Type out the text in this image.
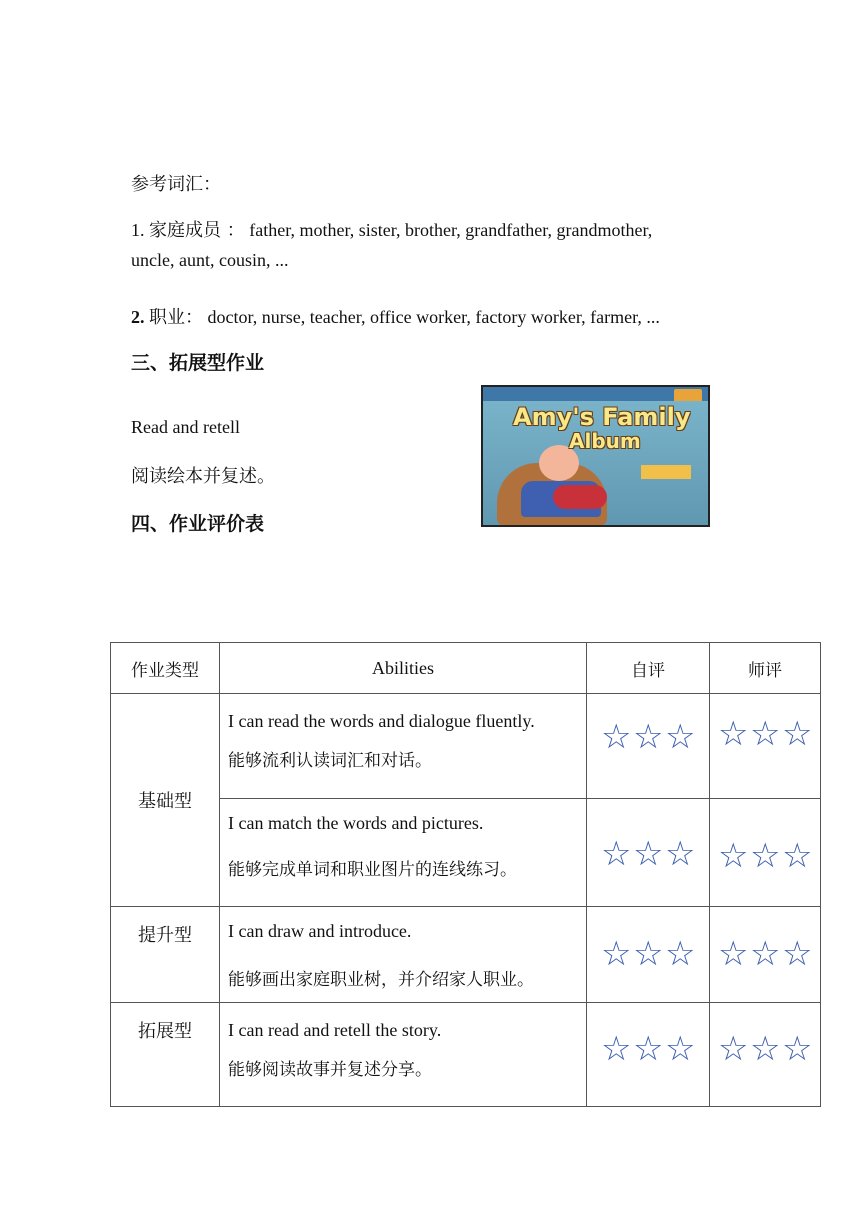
参考词汇：
1. 家庭成员 ： father, mother, sister, brother, grandfather, grandmother,
uncle, aunt, cousin, ...
2. 职业： doctor, nurse, teacher, office worker, factory worker, farmer, ...
三、拓展型作业
Read and retell
阅读绘本并复述。
四、作业评价表
Amy's Family
Album
作业类型	Abilities	自评	师评
基础型	I can read the words and dialogue fluently.
能够流利认读词汇和对话。	☆☆☆	☆☆☆

	I can match the words and pictures.
能够完成单词和职业图片的连线练习。	☆☆☆	☆☆☆

提升型	I can draw and introduce.
能够画出家庭职业树，并介绍家人职业。	☆☆☆	☆☆☆

拓展型	I can read and retell the story.
能够阅读故事并复述分享。	☆☆☆	☆☆☆
